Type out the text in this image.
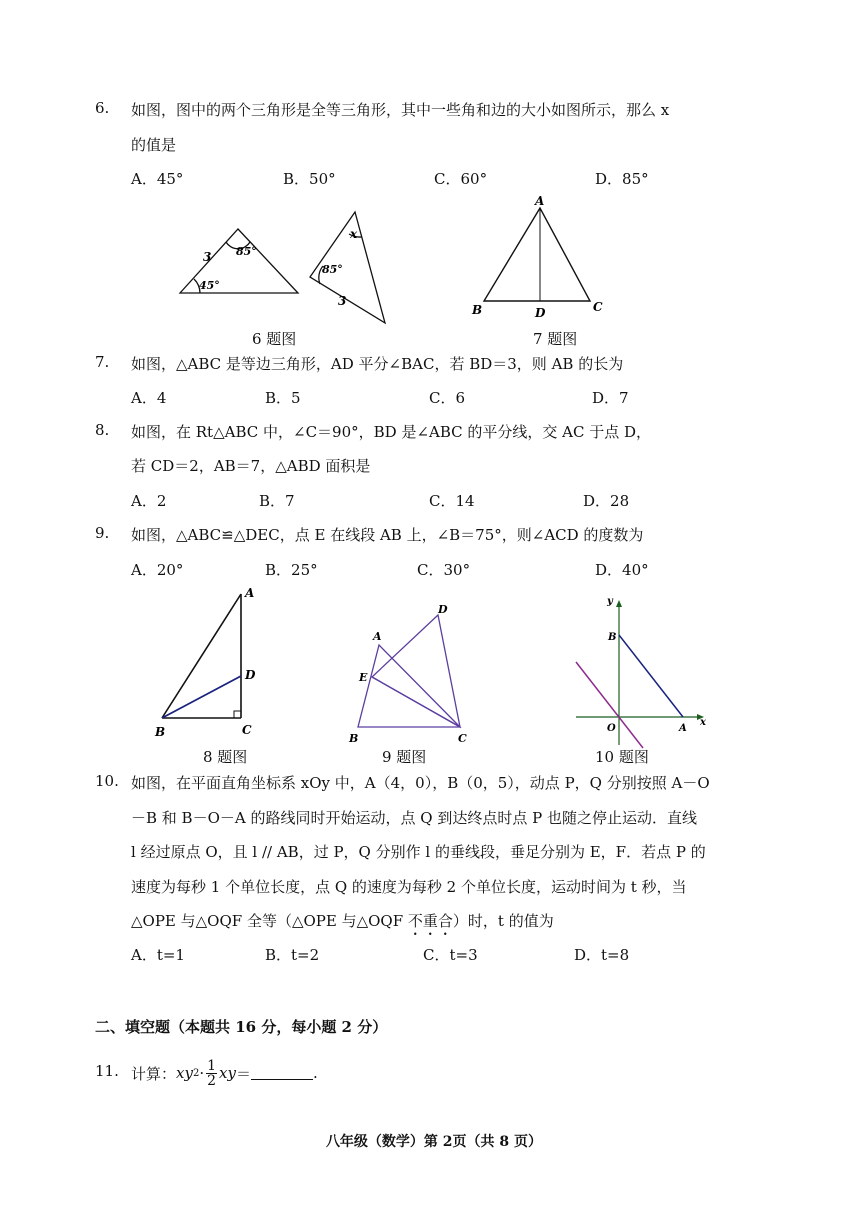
6. 如图，图中的两个三角形是全等三角形，其中一些角和边的大小如图所示，那么 x
的值是
A．45°	B．50°	C．60°	D．85°
3 85°
45°
x
85°
3
6 题图
A
B	C
D
7 题图
7. 如图，△ABC 是等边三角形，AD 平分∠BAC，若 BD＝3，则 AB 的长为
A．4	B．5	C．6	D．7
8. 如图，在 Rt△ABC 中，∠C＝90°，BD 是∠ABC 的平分线，交 AC 于点 D，
若 CD＝2，AB＝7，△ABD 面积是
A．2	B．7	C．14	D．28
9. 如图，△ABC≌△DEC，点 E 在线段 AB 上，∠B＝75°，则∠ACD 的度数为
A．20°	B．25°	C．30°	D．40°
A
B	C
D
8 题图
A
B	C
D
E
9 题图
y
x
O	A
B
10 题图
10. 如图，在平面直角坐标系 xOy 中，A（4，0），B（0，5），动点 P，Q 分别按照 A－O
－B 和 B－O－A 的路线同时开始运动，点 Q 到达终点时点 P 也随之停止运动．直线
l 经过原点 O，且 l // AB，过 P，Q 分别作 l 的垂线段，垂足分别为 E，F．若点 P 的
速度为每秒 1 个单位长度，点 Q 的速度为每秒 2 个单位长度，运动时间为 t 秒，当
△OPE 与△OQF 全等（△OPE 与△OQF 不重合）时，t 的值为
A．t=1	B．t=2	C．t=3	D．t=8
二、填空题（本题共 16 分，每小题 2 分）
11. 计算： xy $2 \cdot \frac{1}{2}$ xy ＝	.
八年级（数学）第 2页（共 8 页）
